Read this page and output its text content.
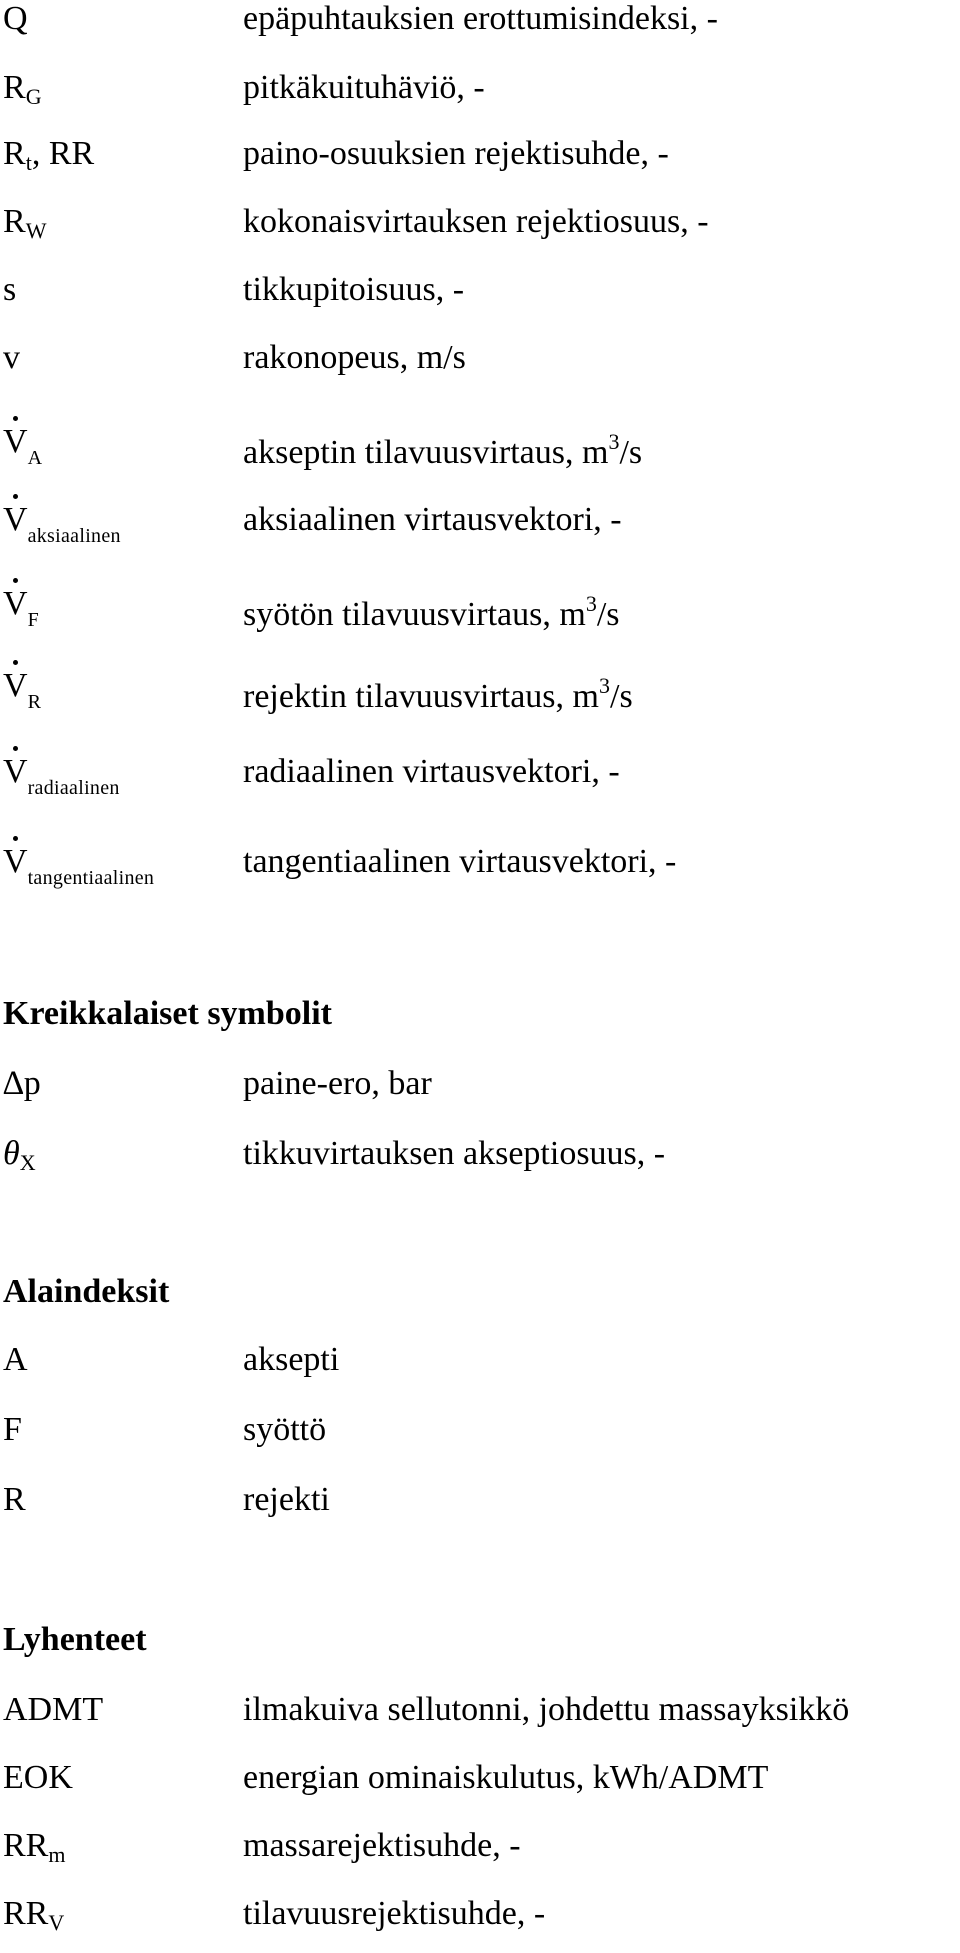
Q	epäpuhtauksien erottumisindeksi, -
$R_G$	pitkäkuituhäviö, -
$R_t$, RR	paino-osuuksien rejektisuhde, -
$R_W$	kokonaisvirtauksen rejektiosuus, -
s	tikkupitoisuus, -
v	rakonopeus, m/s
$V_A$	akseptin tilavuusvirtaus, $m^3/s$
$V_{aksiaalinen}$	aksiaalinen virtausvektori, -
$V_F$	syötön tilavuusvirtaus, $m^3/s$
$V_R$	rejektin tilavuusvirtaus, $m^3/s$
$V_{radiaalinen}$	radiaalinen virtausvektori, -
$V_{tangentiaalinen}$	tangentiaalinen virtausvektori, -
Kreikkalaiset symbolit
∆p	paine-ero, bar
$\theta_X$	tikkuvirtauksen akseptiosuus, -
Alaindeksit
A	aksepti
F	syöttö
R	rejekti
Lyhenteet
ADMT	ilmakuiva sellutonni, johdettu massayksikkö
EOK	energian ominaiskulutus, kWh/ADMT
$RR_m$	massarejektisuhde, -
$RR_V$	tilavuusrejektisuhde, -
